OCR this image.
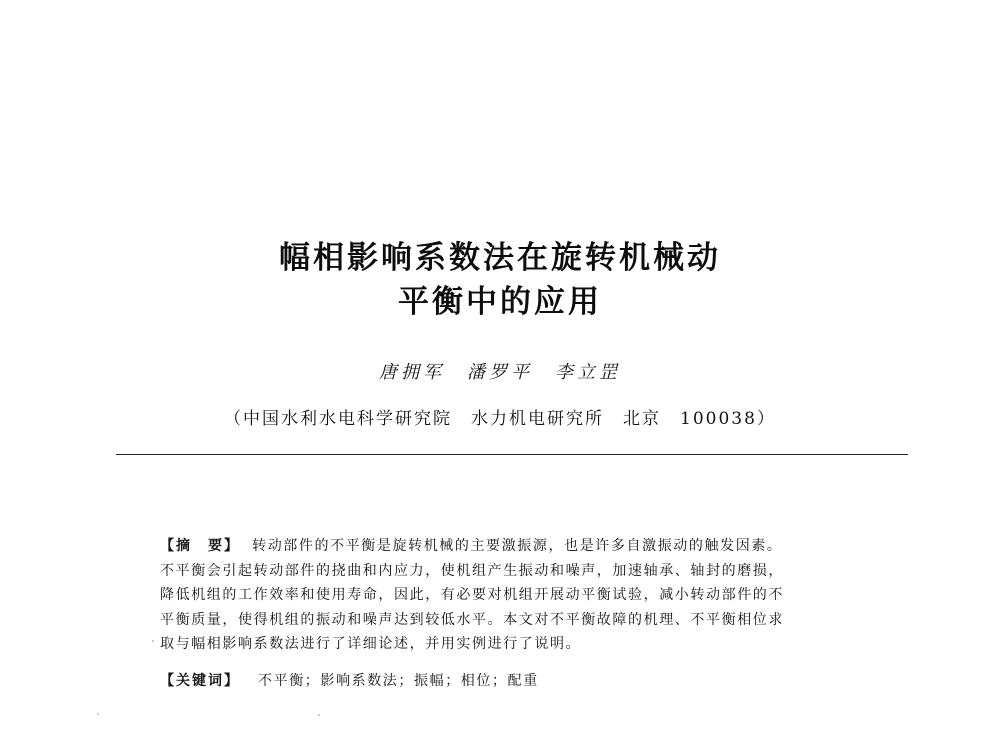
幅相影响系数法在旋转机械动
平衡中的应用
唐拥军　潘罗平　李立罡
（中国水利水电科学研究院　水力机电研究所　北京　100038）
【摘　要】 转动部件的不平衡是旋转机械的主要激振源，也是许多自激振动的触发因素。
不平衡会引起转动部件的挠曲和内应力，使机组产生振动和噪声，加速轴承、轴封的磨损，
降低机组的工作效率和使用寿命，因此，有必要对机组开展动平衡试验，减小转动部件的不
平衡质量，使得机组的振动和噪声达到较低水平。本文对不平衡故障的机理、不平衡相位求
取与幅相影响系数法进行了详细论述，并用实例进行了说明。
【关键词】 不平衡；影响系数法；振幅；相位；配重
